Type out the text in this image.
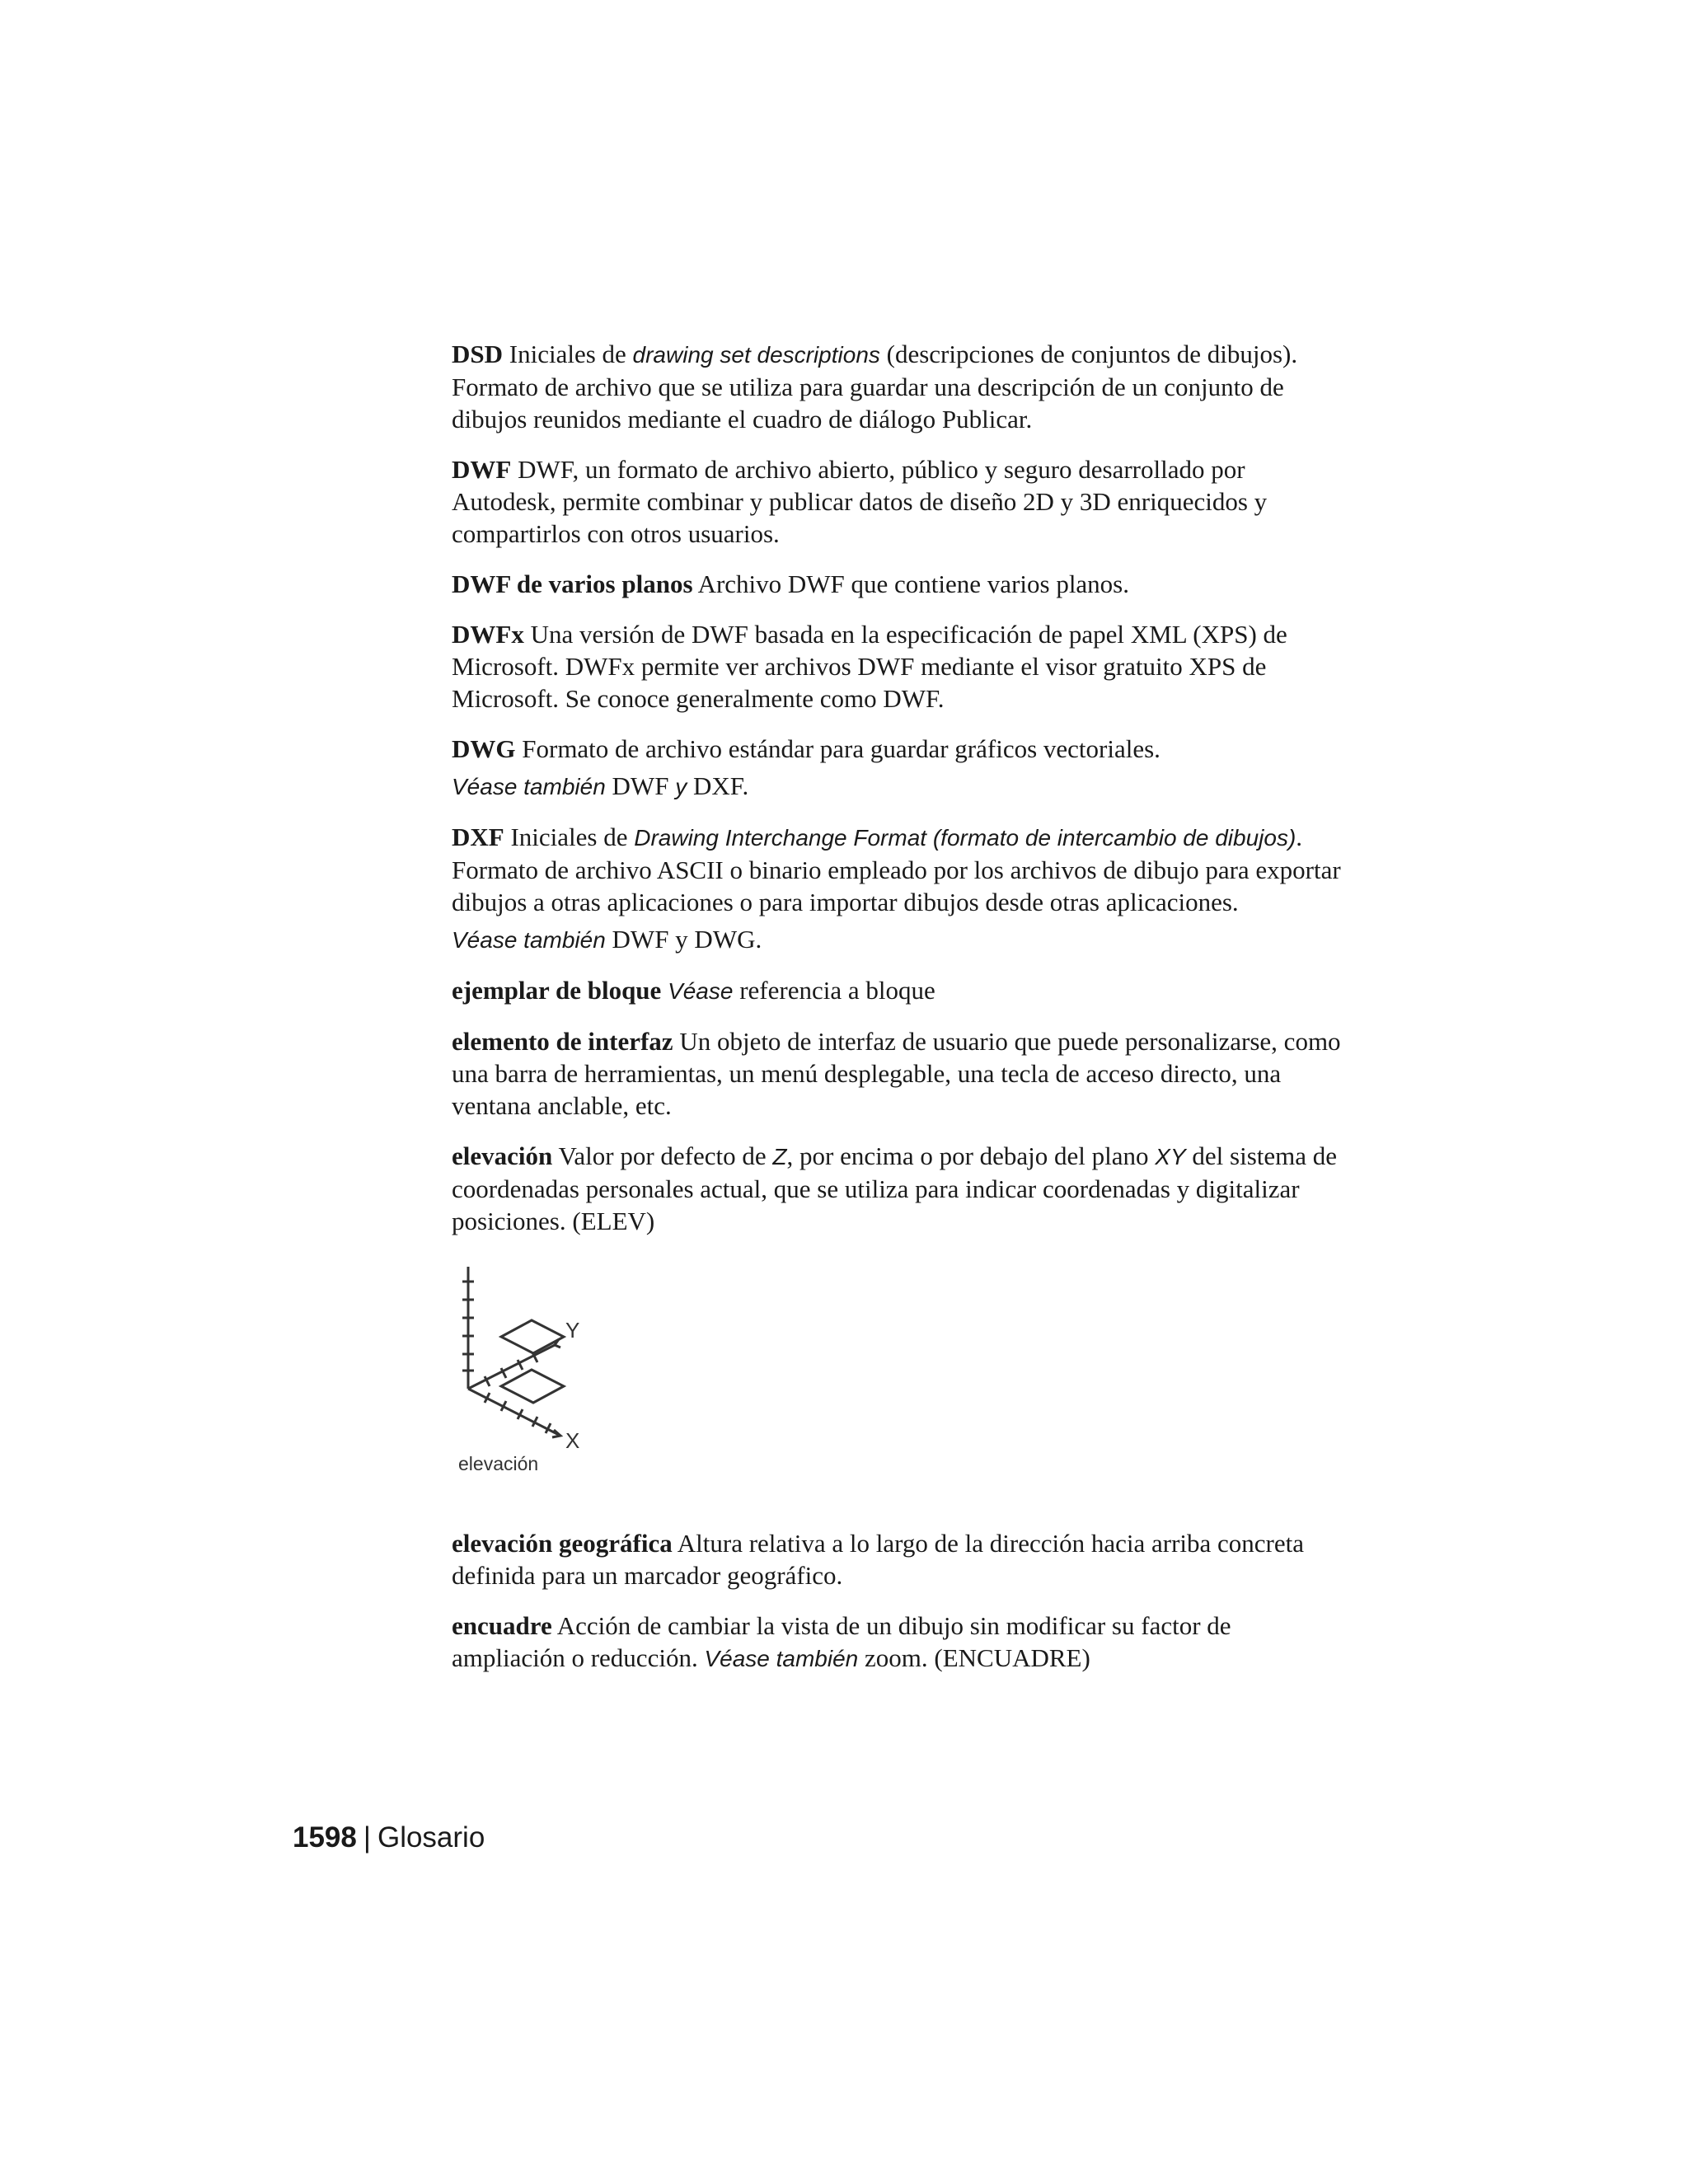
DSD Iniciales de drawing set descriptions (descripciones de conjuntos de dibujos). Formato de archivo que se utiliza para guardar una descripción de un conjunto de dibujos reunidos mediante el cuadro de diálogo Publicar.

DWF DWF, un formato de archivo abierto, público y seguro desarrollado por Autodesk, permite combinar y publicar datos de diseño 2D y 3D enriquecidos y compartirlos con otros usuarios.

DWF de varios planos Archivo DWF que contiene varios planos.

DWFx Una versión de DWF basada en la especificación de papel XML (XPS) de Microsoft. DWFx permite ver archivos DWF mediante el visor gratuito XPS de Microsoft. Se conoce generalmente como DWF.

DWG Formato de archivo estándar para guardar gráficos vectoriales.

Véase también DWF y DXF.

DXF Iniciales de Drawing Interchange Format (formato de intercambio de dibujos). Formato de archivo ASCII o binario empleado por los archivos de dibujo para exportar dibujos a otras aplicaciones o para importar dibujos desde otras aplicaciones.

Véase también DWF y DWG.

ejemplar de bloque Véase referencia a bloque

elemento de interfaz Un objeto de interfaz de usuario que puede personalizarse, como una barra de herramientas, un menú desplegable, una tecla de acceso directo, una ventana anclable, etc.

elevación Valor por defecto de Z, por encima o por debajo del plano XY del sistema de coordenadas personales actual, que se utiliza para indicar coordenadas y digitalizar posiciones. (ELEV)

Y
X
elevación

elevación geográfica Altura relativa a lo largo de la dirección hacia arriba concreta definida para un marcador geográfico.

encuadre Acción de cambiar la vista de un dibujo sin modificar su factor de ampliación o reducción. Véase también zoom. (ENCUADRE)

1598 | Glosario
